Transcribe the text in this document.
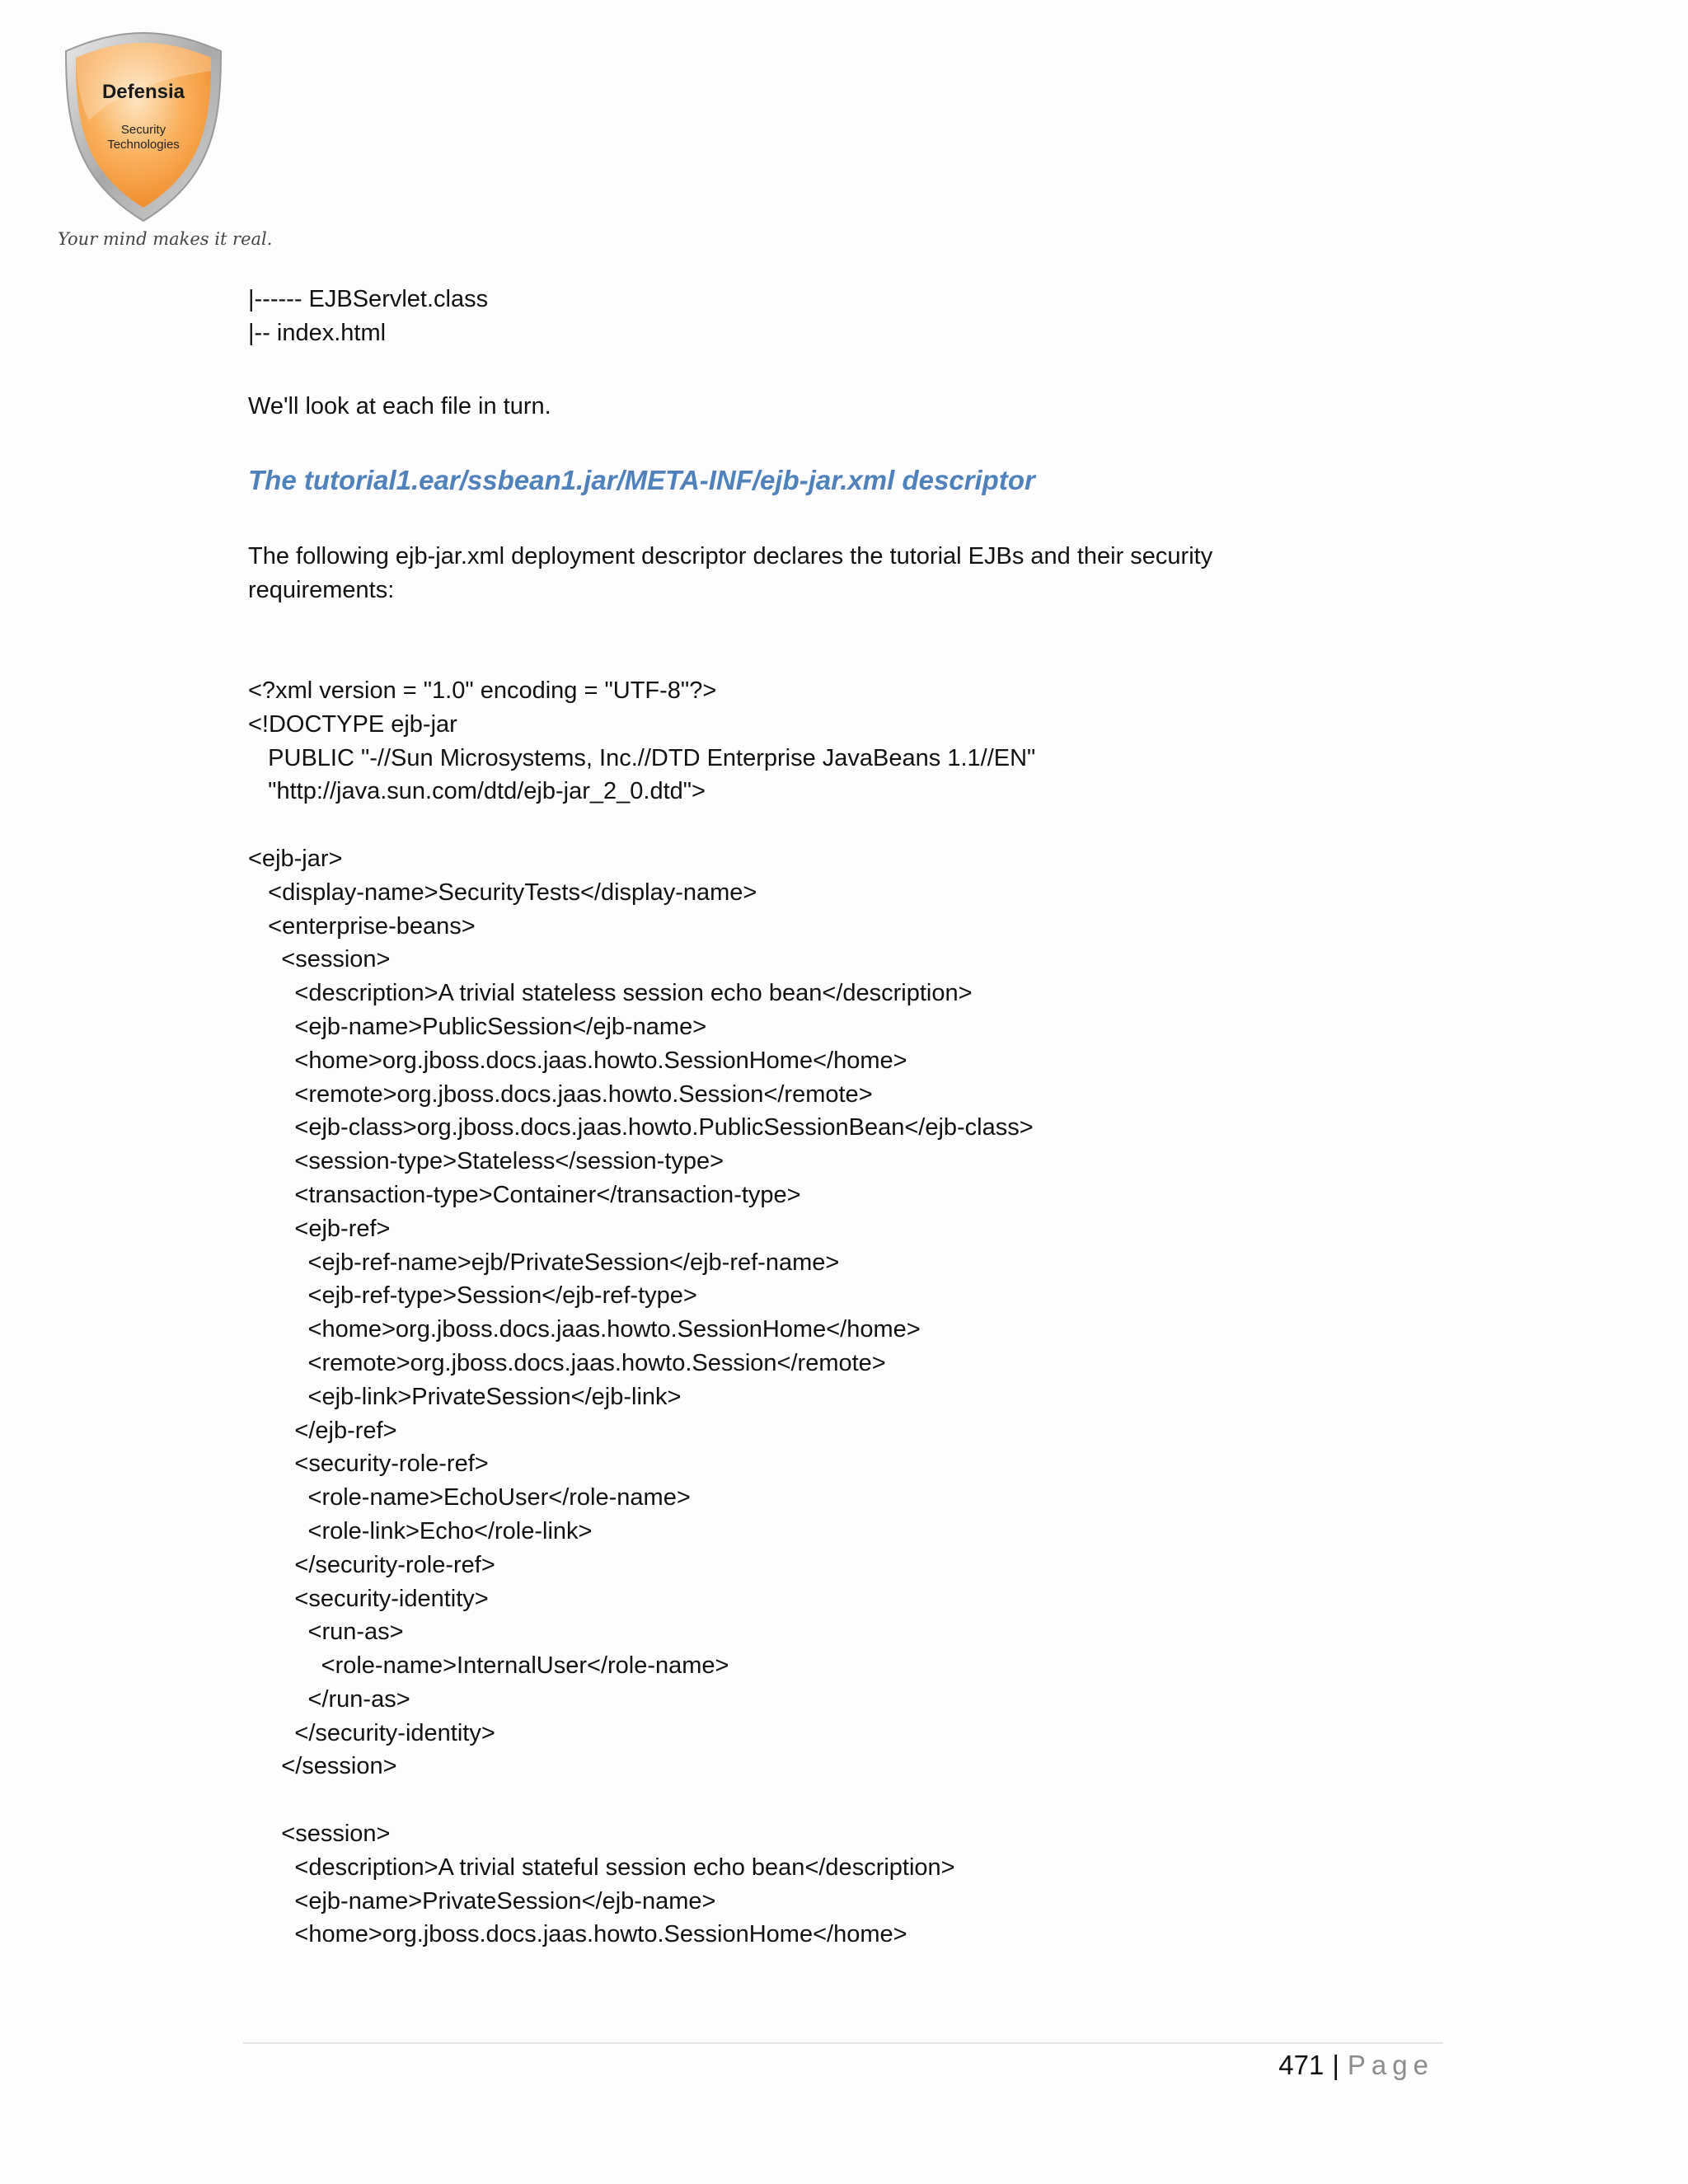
Defensia
Security
Technologies
Your mind makes it real.
|------ EJBServlet.class
|-- index.html
We'll look at each file in turn.
The tutorial1.ear/ssbean1.jar/META-INF/ejb-jar.xml descriptor
The following ejb-jar.xml deployment descriptor declares the tutorial EJBs and their security requirements:
<?xml version = "1.0" encoding = "UTF-8"?>
<!DOCTYPE ejb-jar
PUBLIC "-//Sun Microsystems, Inc.//DTD Enterprise JavaBeans 1.1//EN"
"http://java.sun.com/dtd/ejb-jar_2_0.dtd">
<ejb-jar>
<display-name>SecurityTests</display-name>
<enterprise-beans>
<session>
<description>A trivial stateless session echo bean</description>
<ejb-name>PublicSession</ejb-name>
<home>org.jboss.docs.jaas.howto.SessionHome</home>
<remote>org.jboss.docs.jaas.howto.Session</remote>
<ejb-class>org.jboss.docs.jaas.howto.PublicSessionBean</ejb-class>
<session-type>Stateless</session-type>
<transaction-type>Container</transaction-type>
<ejb-ref>
<ejb-ref-name>ejb/PrivateSession</ejb-ref-name>
<ejb-ref-type>Session</ejb-ref-type>
<home>org.jboss.docs.jaas.howto.SessionHome</home>
<remote>org.jboss.docs.jaas.howto.Session</remote>
<ejb-link>PrivateSession</ejb-link>
</ejb-ref>
<security-role-ref>
<role-name>EchoUser</role-name>
<role-link>Echo</role-link>
</security-role-ref>
<security-identity>
<run-as>
<role-name>InternalUser</role-name>
</run-as>
</security-identity>
</session>
<session>
<description>A trivial stateful session echo bean</description>
<ejb-name>PrivateSession</ejb-name>
<home>org.jboss.docs.jaas.howto.SessionHome</home>
471 | Page
